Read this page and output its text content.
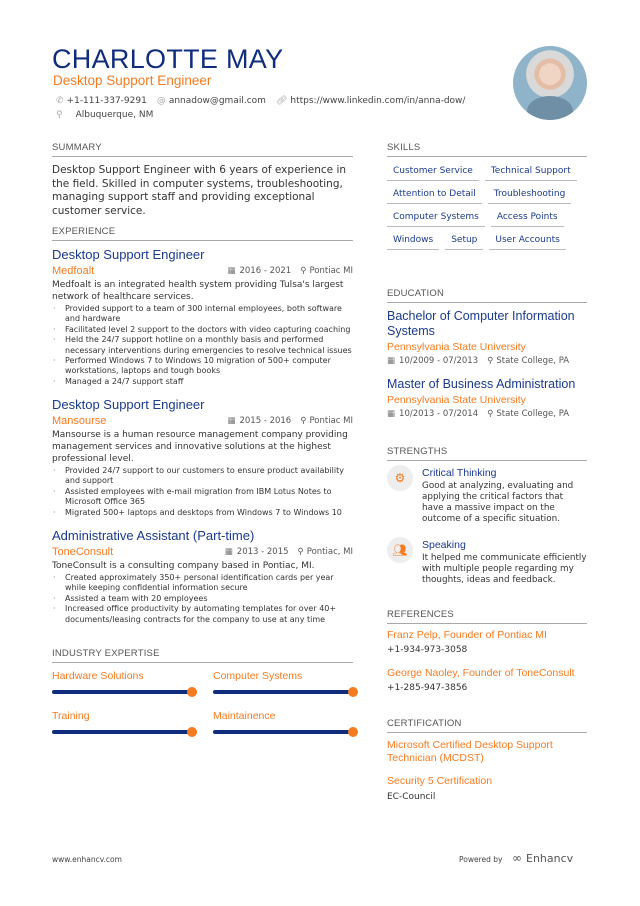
CHARLOTTE MAY
Desktop Support Engineer
✆ +1-111-337-9291 @ annadow@gmail.com 🔗︎ https://www.linkedin.com/in/anna-dow/
⚲ Albuquerque, NM
SUMMARY
Desktop Support Engineer with 6 years of experience in the field. Skilled in computer systems, troubleshooting, managing support staff and providing exceptional customer service.
EXPERIENCE
INDUSTRY EXPERTISE
Hardware Solutions	Computer Systems
Training	Maintainence
SKILLS
Customer Service	Technical Support
Attention to Detail	Troubleshooting
Computer Systems	Access Points
Windows	Setup	User Accounts
EDUCATION
Bachelor of Computer Information Systems
Pennsylvania State University
▦ 10/2009 - 07/2013 ⚲ State College, PA
Master of Business Administration
Pennsylvania State University
▦ 10/2013 - 07/2014 ⚲ State College, PA
STRENGTHS
⚙	Critical Thinking
Good at analyzing, evaluating and applying the critical factors that have a massive impact on the outcome of a specific situation.
👥︎	Speaking
It helped me communicate efficiently with multiple people regarding my thoughts, ideas and feedback.
REFERENCES
Franz Pelp, Founder of Pontiac MI
+1-934-973-3058
George Naoley, Founder of ToneConsult
+1-285-947-3856
CERTIFICATION
Microsoft Certified Desktop Support Technician (MCDST)
Security 5 Certification
EC-Council
www.enhancv.com	Powered by ∞ Enhancv
Desktop Support Engineer
Medfoalt	▦ 2016 - 2021 ⚲ Pontiac MI
Medfoalt is an integrated health system providing Tulsa's largest network of healthcare services.
· Provided support to a team of 300 internal employees, both software and hardware
· Facilitated level 2 support to the doctors with video capturing coaching
· Held the 24/7 support hotline on a monthly basis and performed necessary interventions during emergencies to resolve technical issues
· Performed Windows 7 to Windows 10 migration of 500+ computer workstations, laptops and tough books
· Managed a 24/7 support staff
Desktop Support Engineer
Mansourse	▦ 2015 - 2016 ⚲ Pontiac MI
Mansourse is a human resource management company providing management services and innovative solutions at the highest professional level.
· Provided 24/7 support to our customers to ensure product availability and support
· Assisted employees with e-mail migration from IBM Lotus Notes to Microsoft Office 365
· Migrated 500+ laptops and desktops from Windows 7 to Windows 10
Administrative Assistant (Part-time)
ToneConsult	▦ 2013 - 2015 ⚲ Pontiac, MI
ToneConsult is a consulting company based in Pontiac, MI.
· Created approximately 350+ personal identification cards per year while keeping confidential information secure
· Assisted a team with 20 employees
· Increased office productivity by automating templates for over 40+ documents/leasing contracts for the company to use at any time
